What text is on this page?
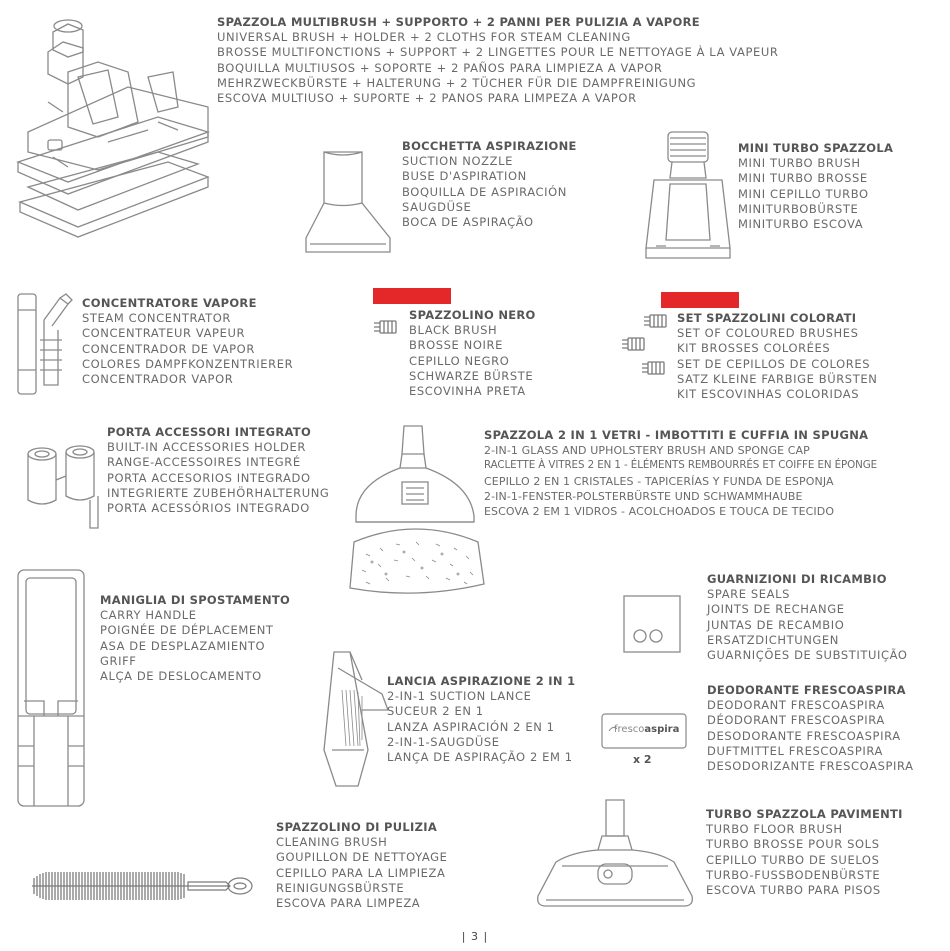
frescoaspira
x 2
SPAZZOLA MULTIBRUSH + SUPPORTO + 2 PANNI PER PULIZIA A VAPORE
UNIVERSAL BRUSH + HOLDER + 2 CLOTHS FOR STEAM CLEANING
BROSSE MULTIFONCTIONS + SUPPORT + 2 LINGETTES POUR LE NETTOYAGE À LA VAPEUR
BOQUILLA MULTIUSOS + SOPORTE + 2 PAÑOS PARA LIMPIEZA A VAPOR
MEHRZWECKBÜRSTE + HALTERUNG + 2 TÜCHER FÜR DIE DAMPFREINIGUNG
ESCOVA MULTIUSO + SUPORTE + 2 PANOS PARA LIMPEZA A VAPOR
BOCCHETTA ASPIRAZIONE
SUCTION NOZZLE
BUSE D'ASPIRATION
BOQUILLA DE ASPIRACIÓN
SAUGDÜSE
BOCA DE ASPIRAÇÃO
MINI TURBO SPAZZOLA
MINI TURBO BRUSH
MINI TURBO BROSSE
MINI CEPILLO TURBO
MINITURBOBÜRSTE
MINITURBO ESCOVA
CONCENTRATORE VAPORE
STEAM CONCENTRATOR
CONCENTRATEUR VAPEUR
CONCENTRADOR DE VAPOR
COLORES DAMPFKONZENTRIERER
CONCENTRADOR VAPOR
SPAZZOLINO NERO
BLACK BRUSH
BROSSE NOIRE
CEPILLO NEGRO
SCHWARZE BÜRSTE
ESCOVINHA PRETA
SET SPAZZOLINI COLORATI
SET OF COLOURED BRUSHES
KIT BROSSES COLORÉES
SET DE CEPILLOS DE COLORES
SATZ KLEINE FARBIGE BÜRSTEN
KIT ESCOVINHAS COLORIDAS
PORTA ACCESSORI INTEGRATO
BUILT-IN ACCESSORIES HOLDER
RANGE-ACCESSOIRES INTEGRÉ
PORTA ACCESORIOS INTEGRADO
INTEGRIERTE ZUBEHÖRHALTERUNG
PORTA ACESSÓRIOS INTEGRADO
SPAZZOLA 2 IN 1 VETRI - IMBOTTITI E CUFFIA IN SPUGNA
2-IN-1 GLASS AND UPHOLSTERY BRUSH AND SPONGE CAP
RACLETTE À VITRES 2 EN 1 - ÉLÉMENTS REMBOURRÉS ET COIFFE EN ÉPONGE
CEPILLO 2 EN 1 CRISTALES - TAPICERÍAS Y FUNDA DE ESPONJA
2-IN-1-FENSTER-POLSTERBÜRSTE UND SCHWAMMHAUBE
ESCOVA 2 EM 1 VIDROS - ACOLCHOADOS E TOUCA DE TECIDO
MANIGLIA DI SPOSTAMENTO
CARRY HANDLE
POIGNÉE DE DÉPLACEMENT
ASA DE DESPLAZAMIENTO
GRIFF
ALÇA DE DESLOCAMENTO
GUARNIZIONI DI RICAMBIO
SPARE SEALS
JOINTS DE RECHANGE
JUNTAS DE RECAMBIO
ERSATZDICHTUNGEN
GUARNIÇÕES DE SUBSTITUIÇÃO
LANCIA ASPIRAZIONE 2 IN 1
2-IN-1 SUCTION LANCE
SUCEUR 2 EN 1
LANZA ASPIRACIÓN 2 EN 1
2-IN-1-SAUGDÜSE
LANÇA DE ASPIRAÇÃO 2 EM 1
DEODORANTE FRESCOASPIRA
DEODORANT FRESCOASPIRA
DÉODORANT FRESCOASPIRA
DESODORANTE FRESCOASPIRA
DUFTMITTEL FRESCOASPIRA
DESODORIZANTE FRESCOASPIRA
SPAZZOLINO DI PULIZIA
CLEANING BRUSH
GOUPILLON DE NETTOYAGE
CEPILLO PARA LA LIMPIEZA
REINIGUNGSBÜRSTE
ESCOVA PARA LIMPEZA
TURBO SPAZZOLA PAVIMENTI
TURBO FLOOR BRUSH
TURBO BROSSE POUR SOLS
CEPILLO TURBO DE SUELOS
TURBO-FUSSBODENBÜRSTE
ESCOVA TURBO PARA PISOS
| 3 |
